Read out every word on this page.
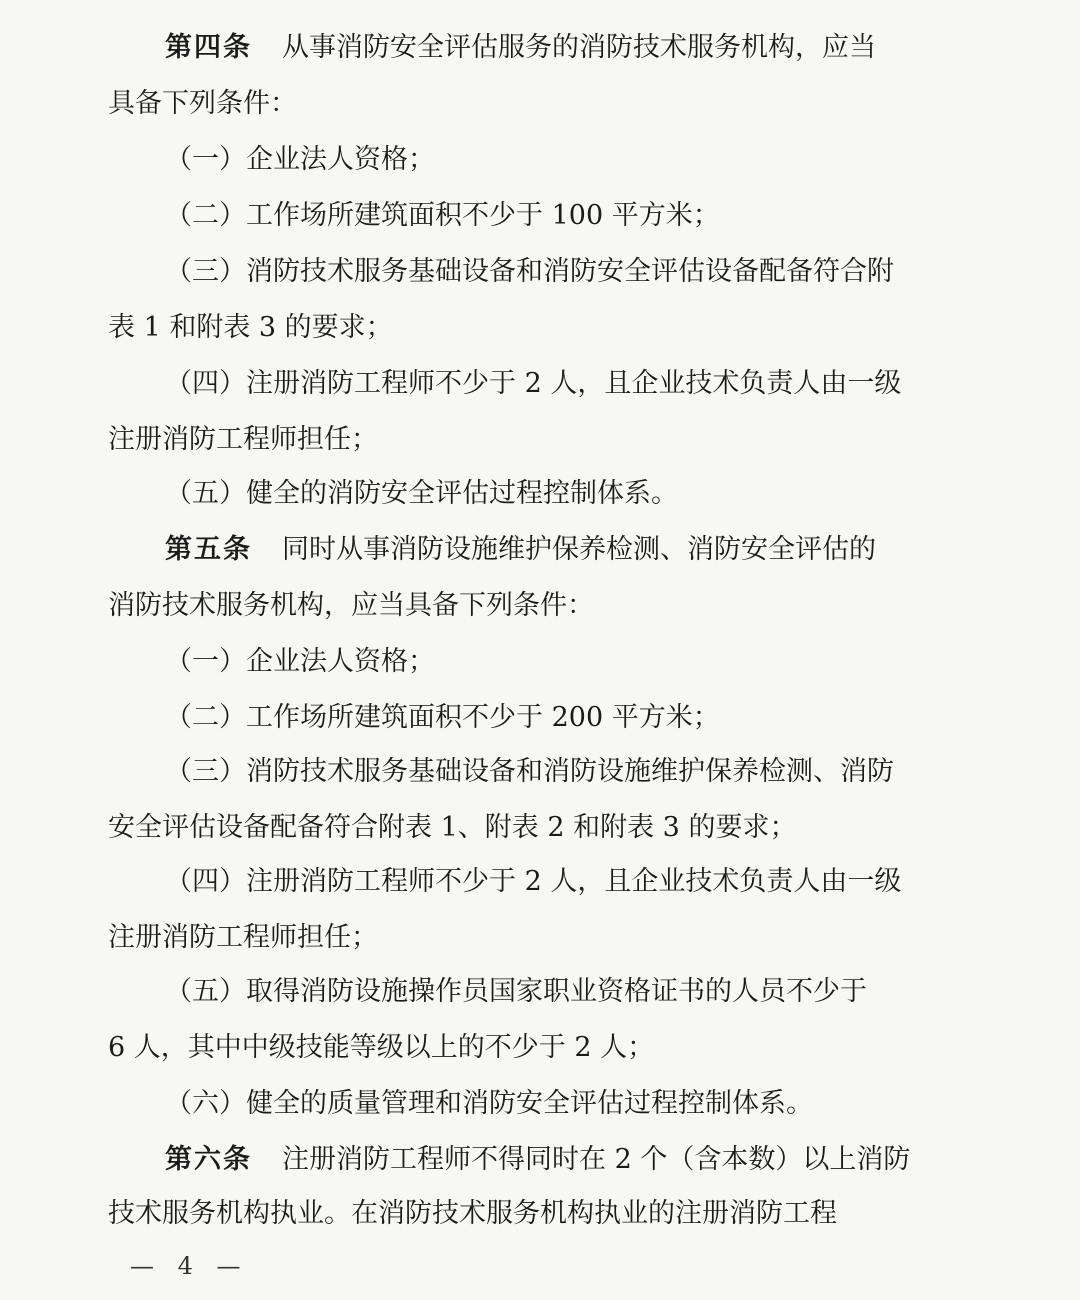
第四条 从事消防安全评估服务的消防技术服务机构，应当
具备下列条件：
（一）企业法人资格；
（二）工作场所建筑面积不少于 100 平方米；
（三）消防技术服务基础设备和消防安全评估设备配备符合附
表 1 和附表 3 的要求；
（四）注册消防工程师不少于 2 人，且企业技术负责人由一级
注册消防工程师担任；
（五）健全的消防安全评估过程控制体系。
第五条 同时从事消防设施维护保养检测、消防安全评估的
消防技术服务机构，应当具备下列条件：
（一）企业法人资格；
（二）工作场所建筑面积不少于 200 平方米；
（三）消防技术服务基础设备和消防设施维护保养检测、消防
安全评估设备配备符合附表 1、附表 2 和附表 3 的要求；
（四）注册消防工程师不少于 2 人，且企业技术负责人由一级
注册消防工程师担任；
（五）取得消防设施操作员国家职业资格证书的人员不少于
6 人，其中中级技能等级以上的不少于 2 人；
（六）健全的质量管理和消防安全评估过程控制体系。
第六条 注册消防工程师不得同时在 2 个（含本数）以上消防
技术服务机构执业。在消防技术服务机构执业的注册消防工程
— 4 —
